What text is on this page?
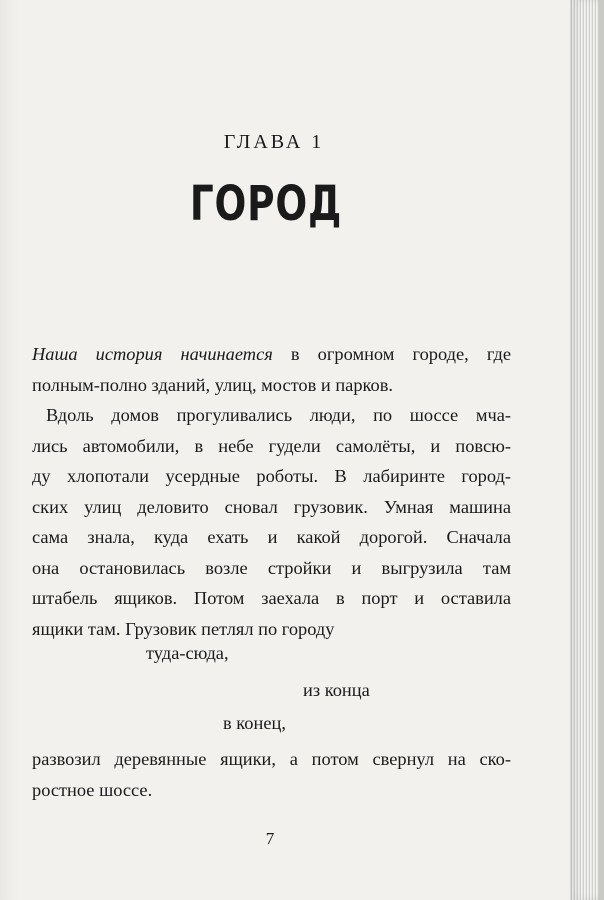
ГЛАВА 1
ГОРОД
Наша история начинается в огромном городе, где
полным-полно зданий, улиц, мостов и парков.
Вдоль домов прогуливались люди, по шоссе мча-
лись автомобили, в небе гудели самолёты, и повсю-
ду хлопотали усердные роботы. В лабиринте город-
ских улиц деловито сновал грузовик. Умная машина
сама знала, куда ехать и какой дорогой. Сначала
она остановилась возле стройки и выгрузила там
штабель ящиков. Потом заехала в порт и оставила
ящики там. Грузовик петлял по городу
туда-сюда,
из конца
в конец,
развозил деревянные ящики, а потом свернул на ско-
ростное шоссе.
7
